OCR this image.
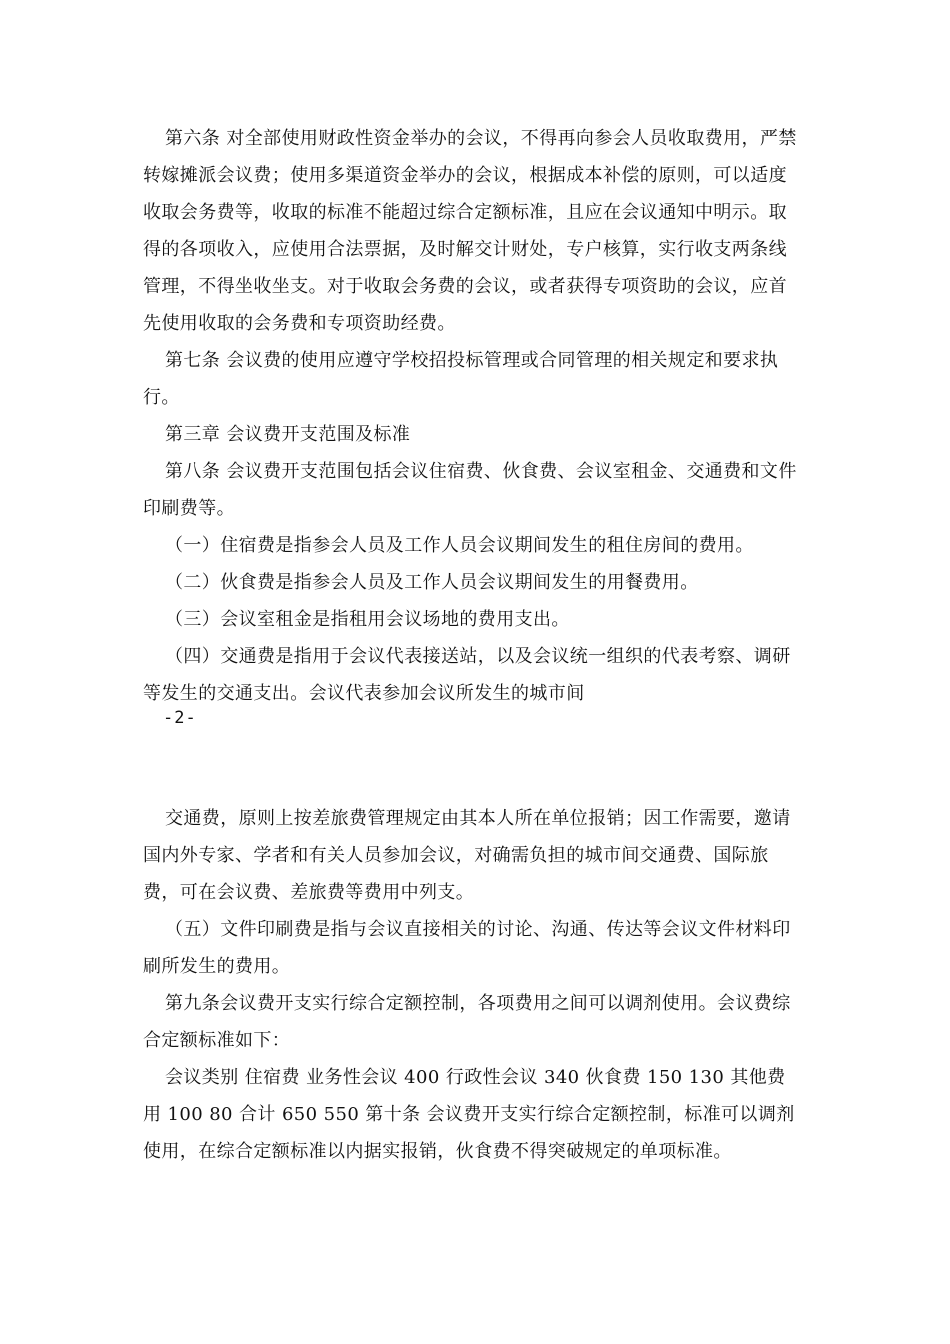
第六条 对全部使用财政性资金举办的会议，不得再向参会人员收取费用，严禁转嫁摊派会议费；使用多渠道资金举办的会议，根据成本补偿的原则，可以适度收取会务费等，收取的标准不能超过综合定额标准，且应在会议通知中明示。取得的各项收入，应使用合法票据，及时解交计财处，专户核算，实行收支两条线管理，不得坐收坐支。对于收取会务费的会议，或者获得专项资助的会议，应首先使用收取的会务费和专项资助经费。

第七条 会议费的使用应遵守学校招投标管理或合同管理的相关规定和要求执行。

第三章 会议费开支范围及标准

第八条 会议费开支范围包括会议住宿费、伙食费、会议室租金、交通费和文件印刷费等。

（一）住宿费是指参会人员及工作人员会议期间发生的租住房间的费用。

（二）伙食费是指参会人员及工作人员会议期间发生的用餐费用。

（三）会议室租金是指租用会议场地的费用支出。

（四）交通费是指用于会议代表接送站，以及会议统一组织的代表考察、调研等发生的交通支出。会议代表参加会议所发生的城市间

-2-

交通费，原则上按差旅费管理规定由其本人所在单位报销；因工作需要，邀请国内外专家、学者和有关人员参加会议，对确需负担的城市间交通费、国际旅费，可在会议费、差旅费等费用中列支。

（五）文件印刷费是指与会议直接相关的讨论、沟通、传达等会议文件材料印刷所发生的费用。

第九条会议费开支实行综合定额控制，各项费用之间可以调剂使用。会议费综合定额标准如下：

会议类别 住宿费 业务性会议 400 行政性会议 340 伙食费 150 130 其他费用 100 80 合计 650 550 第十条 会议费开支实行综合定额控制，标准可以调剂使用，在综合定额标准以内据实报销，伙食费不得突破规定的单项标准。
